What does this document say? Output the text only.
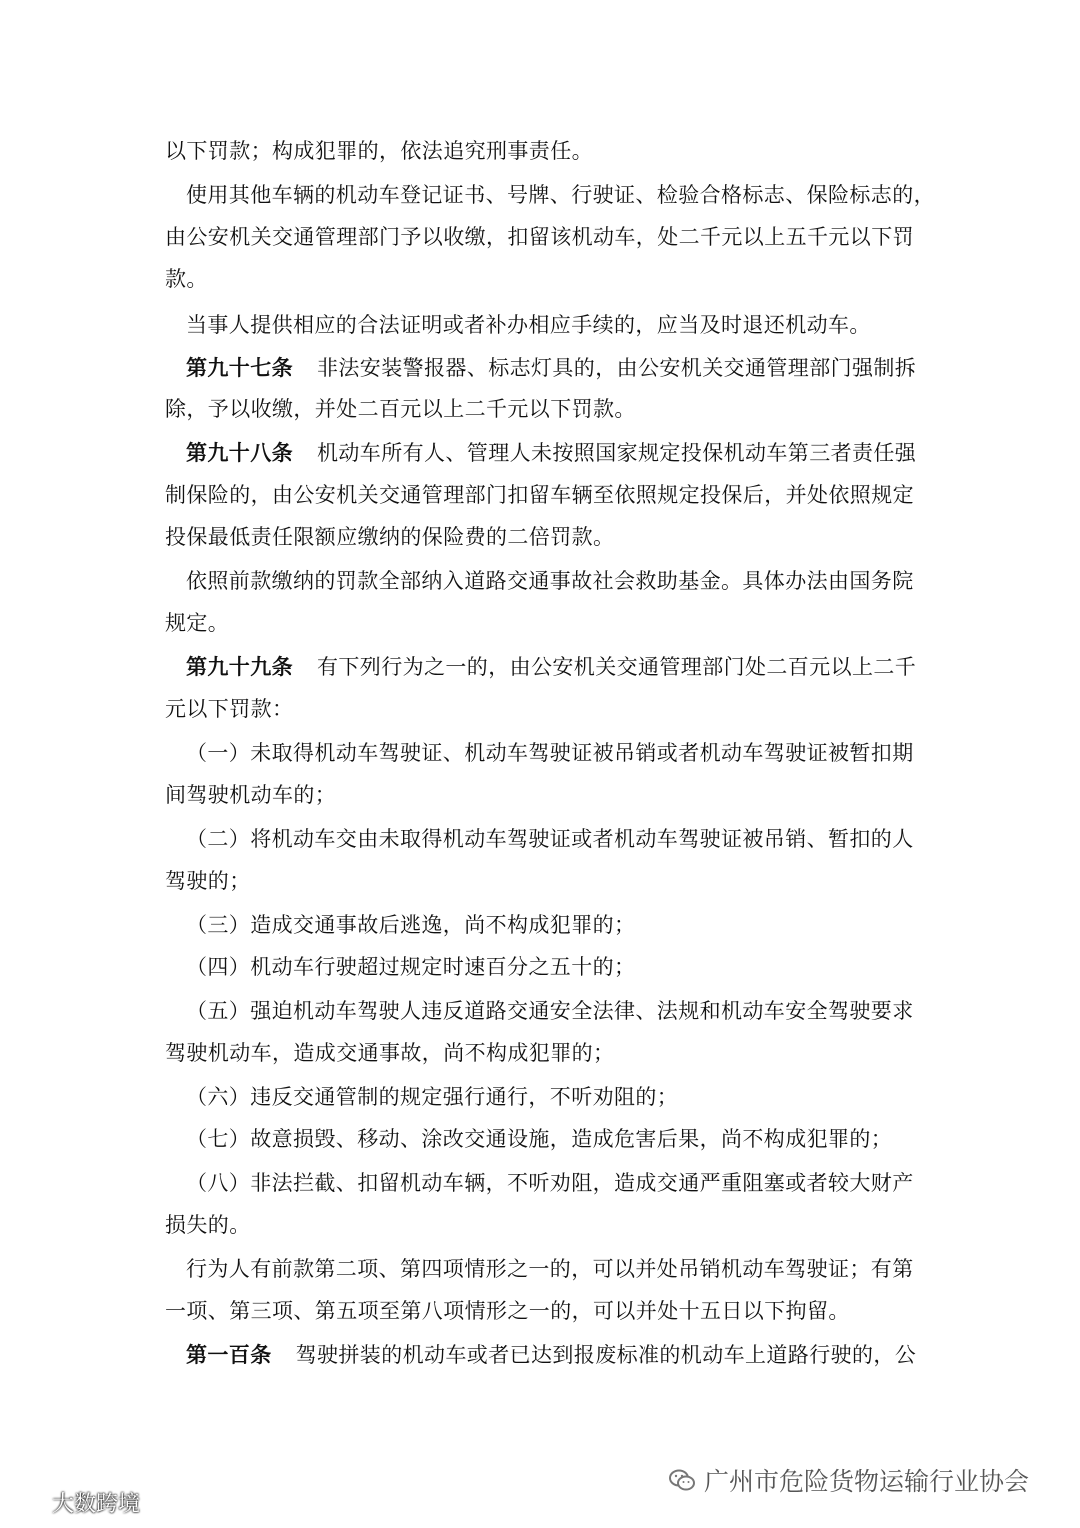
以下罚款；构成犯罪的，依法追究刑事责任。
使用其他车辆的机动车登记证书、号牌、行驶证、检验合格标志、保险标志的，
由公安机关交通管理部门予以收缴，扣留该机动车，处二千元以上五千元以下罚
款。
当事人提供相应的合法证明或者补办相应手续的，应当及时退还机动车。
第九十七条 非法安装警报器、标志灯具的，由公安机关交通管理部门强制拆
除，予以收缴，并处二百元以上二千元以下罚款。
第九十八条 机动车所有人、管理人未按照国家规定投保机动车第三者责任强
制保险的，由公安机关交通管理部门扣留车辆至依照规定投保后，并处依照规定
投保最低责任限额应缴纳的保险费的二倍罚款。
依照前款缴纳的罚款全部纳入道路交通事故社会救助基金。具体办法由国务院
规定。
第九十九条 有下列行为之一的，由公安机关交通管理部门处二百元以上二千
元以下罚款：
（一）未取得机动车驾驶证、机动车驾驶证被吊销或者机动车驾驶证被暂扣期
间驾驶机动车的；
（二）将机动车交由未取得机动车驾驶证或者机动车驾驶证被吊销、暂扣的人
驾驶的；
（三）造成交通事故后逃逸，尚不构成犯罪的；
（四）机动车行驶超过规定时速百分之五十的；
（五）强迫机动车驾驶人违反道路交通安全法律、法规和机动车安全驾驶要求
驾驶机动车，造成交通事故，尚不构成犯罪的；
（六）违反交通管制的规定强行通行，不听劝阻的；
（七）故意损毁、移动、涂改交通设施，造成危害后果，尚不构成犯罪的；
（八）非法拦截、扣留机动车辆，不听劝阻，造成交通严重阻塞或者较大财产
损失的。
行为人有前款第二项、第四项情形之一的，可以并处吊销机动车驾驶证；有第
一项、第三项、第五项至第八项情形之一的，可以并处十五日以下拘留。
第一百条 驾驶拼装的机动车或者已达到报废标准的机动车上道路行驶的，公
大数跨境
广州市危险货物运输行业协会
